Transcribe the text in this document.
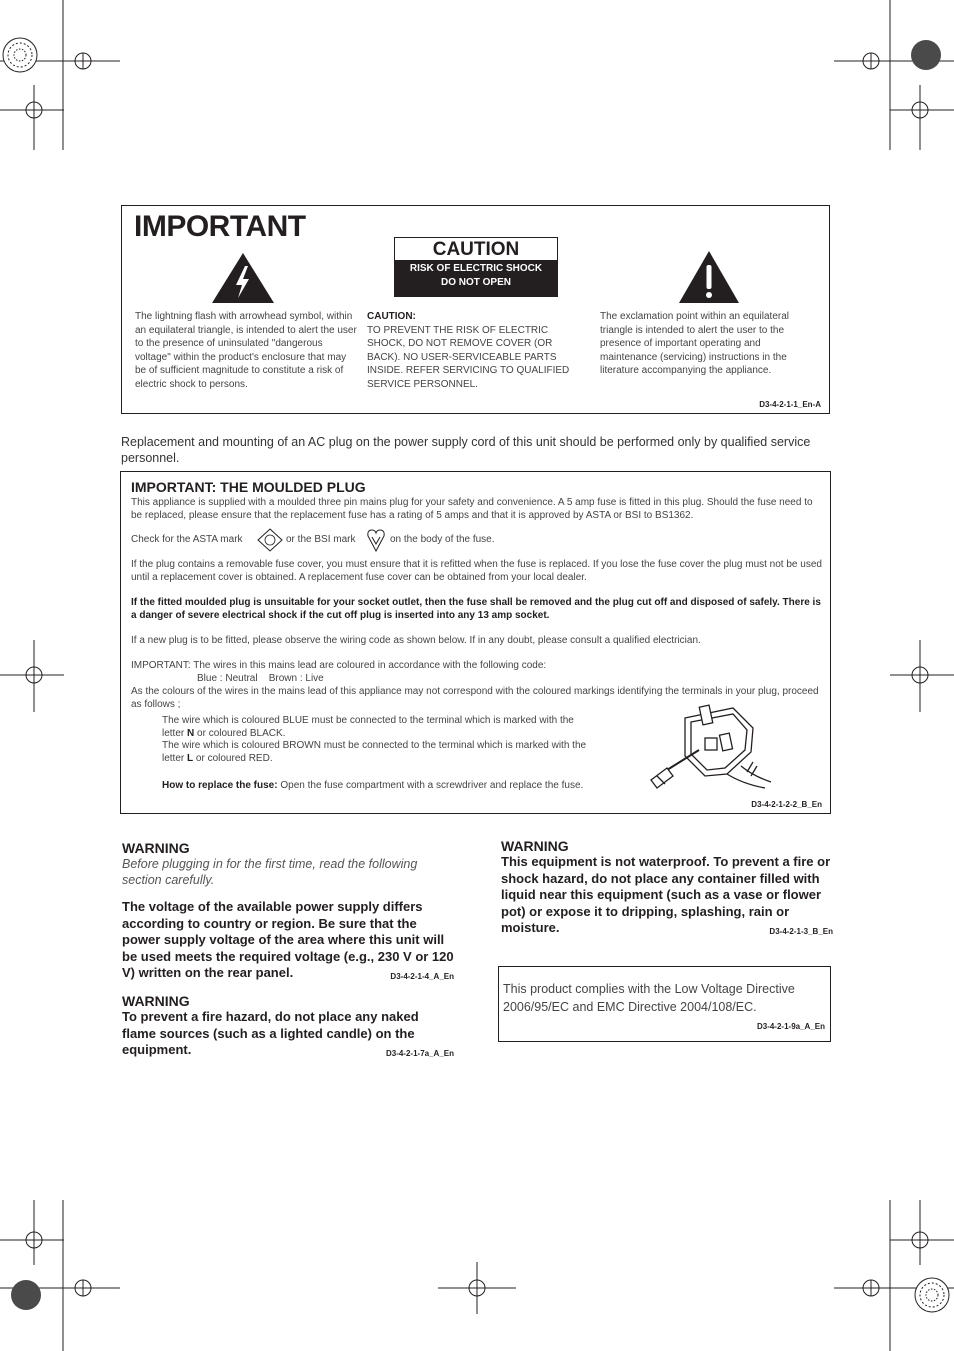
IMPORTANT
CAUTION
RISK OF ELECTRIC SHOCK
DO NOT OPEN
The lightning flash with arrowhead symbol, within an equilateral triangle, is intended to alert the user to the presence of uninsulated "dangerous voltage" within the product's enclosure that may be of sufficient magnitude to constitute a risk of electric shock to persons.
CAUTION:
TO PREVENT THE RISK OF ELECTRIC SHOCK, DO NOT REMOVE COVER (OR BACK). NO USER-SERVICEABLE PARTS INSIDE. REFER SERVICING TO QUALIFIED SERVICE PERSONNEL.
The exclamation point within an equilateral triangle is intended to alert the user to the presence of important operating and maintenance (servicing) instructions in the literature accompanying the appliance.
D3-4-2-1-1_En-A
Replacement and mounting of an AC plug on the power supply cord of this unit should be performed only by qualified service personnel.
IMPORTANT: THE MOULDED PLUG
This appliance is supplied with a moulded three pin mains plug for your safety and convenience. A 5 amp fuse is fitted in this plug. Should the fuse need to be replaced, please ensure that the replacement fuse has a rating of 5 amps and that it is approved by ASTA or BSI to BS1362.
Check for the ASTA mark	or the BSI mark	on the body of the fuse.
If the plug contains a removable fuse cover, you must ensure that it is refitted when the fuse is replaced. If you lose the fuse cover the plug must not be used until a replacement cover is obtained. A replacement fuse cover can be obtained from your local dealer.
If the fitted moulded plug is unsuitable for your socket outlet, then the fuse shall be removed and the plug cut off and disposed of safely. There is a danger of severe electrical shock if the cut off plug is inserted into any 13 amp socket.
If a new plug is to be fitted, please observe the wiring code as shown below. If in any doubt, please consult a qualified electrician.
IMPORTANT: The wires in this mains lead are coloured in accordance with the following code:
Blue : Neutral    Brown : Live
As the colours of the wires in the mains lead of this appliance may not correspond with the coloured markings identifying the terminals in your plug, proceed as follows ;
The wire which is coloured BLUE must be connected to the terminal which is marked with the
letter N or coloured BLACK.
The wire which is coloured BROWN must be connected to the terminal which is marked with the
letter L or coloured RED.
How to replace the fuse: Open the fuse compartment with a screwdriver and replace the fuse.
D3-4-2-1-2-2_B_En
WARNING
Before plugging in for the first time, read the following section carefully.
The voltage of the available power supply differs according to country or region. Be sure that the power supply voltage of the area where this unit will be used meets the required voltage (e.g., 230 V or 120 V) written on the rear panel.	D3-4-2-1-4_A_En
WARNING
To prevent a fire hazard, do not place any naked flame sources (such as a lighted candle) on the equipment.	D3-4-2-1-7a_A_En
WARNING
This equipment is not waterproof. To prevent a fire or shock hazard, do not place any container filled with liquid near this equipment (such as a vase or flower pot) or expose it to dripping, splashing, rain or moisture.	D3-4-2-1-3_B_En
This product complies with the Low Voltage Directive 2006/95/EC and EMC Directive 2004/108/EC.
D3-4-2-1-9a_A_En
